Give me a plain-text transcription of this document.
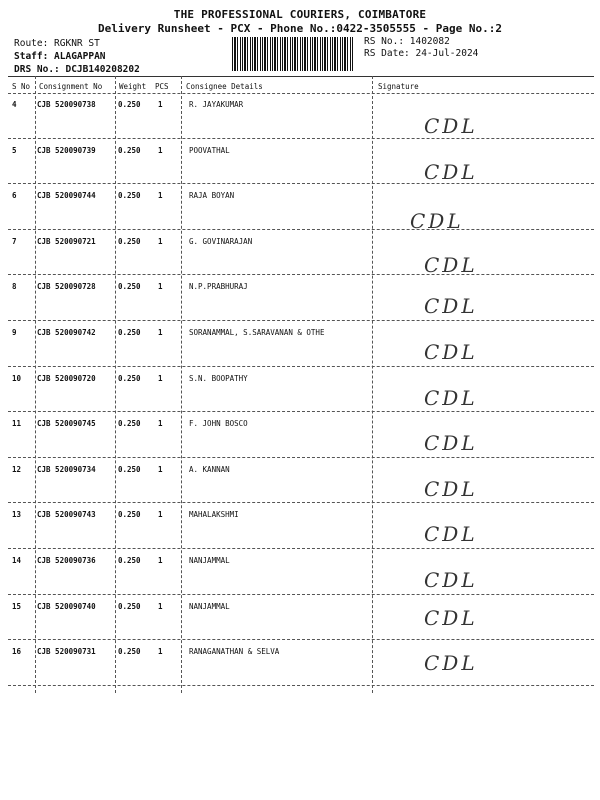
THE PROFESSIONAL COURIERS, COIMBATORE
Delivery Runsheet - PCX - Phone No.:0422-3505555 - Page No.:2
Route: RGKNR ST
Staff: ALAGAPPAN
DRS No.: DCJB140208202
RS No.: 1402082
RS Date: 24-Jul-2024
S No Consignment No Weight PCS Consignee Details	Signature
4	CJB 520090738	0.250 1	R. JAYAKUMAR
CDL
5	CJB 520090739	0.250 1	POOVATHAL
CDL
6	CJB 520090744	0.250 1	RAJA BOYAN
CDL
7	CJB 520090721	0.250 1	G. GOVINARAJAN
CDL
8	CJB 520090728	0.250 1	N.P.PRABHURAJ
CDL
9	CJB 520090742	0.250 1	SORANAMMAL, S.SARAVANAN & OTHE
CDL
10 CJB 520090720	0.250 1	S.N. BOOPATHY
CDL
11 CJB 520090745	0.250 1	F. JOHN BOSCO
CDL
12 CJB 520090734	0.250 1	A. KANNAN
CDL
13 CJB 520090743	0.250 1	MAHALAKSHMI
CDL
14 CJB 520090736	0.250 1	NANJAMMAL
CDL
15 CJB 520090740	0.250 1	NANJAMMAL	CDL
16 CJB 520090731	0.250 1	RANAGANATHAN & SELVA	CDL
